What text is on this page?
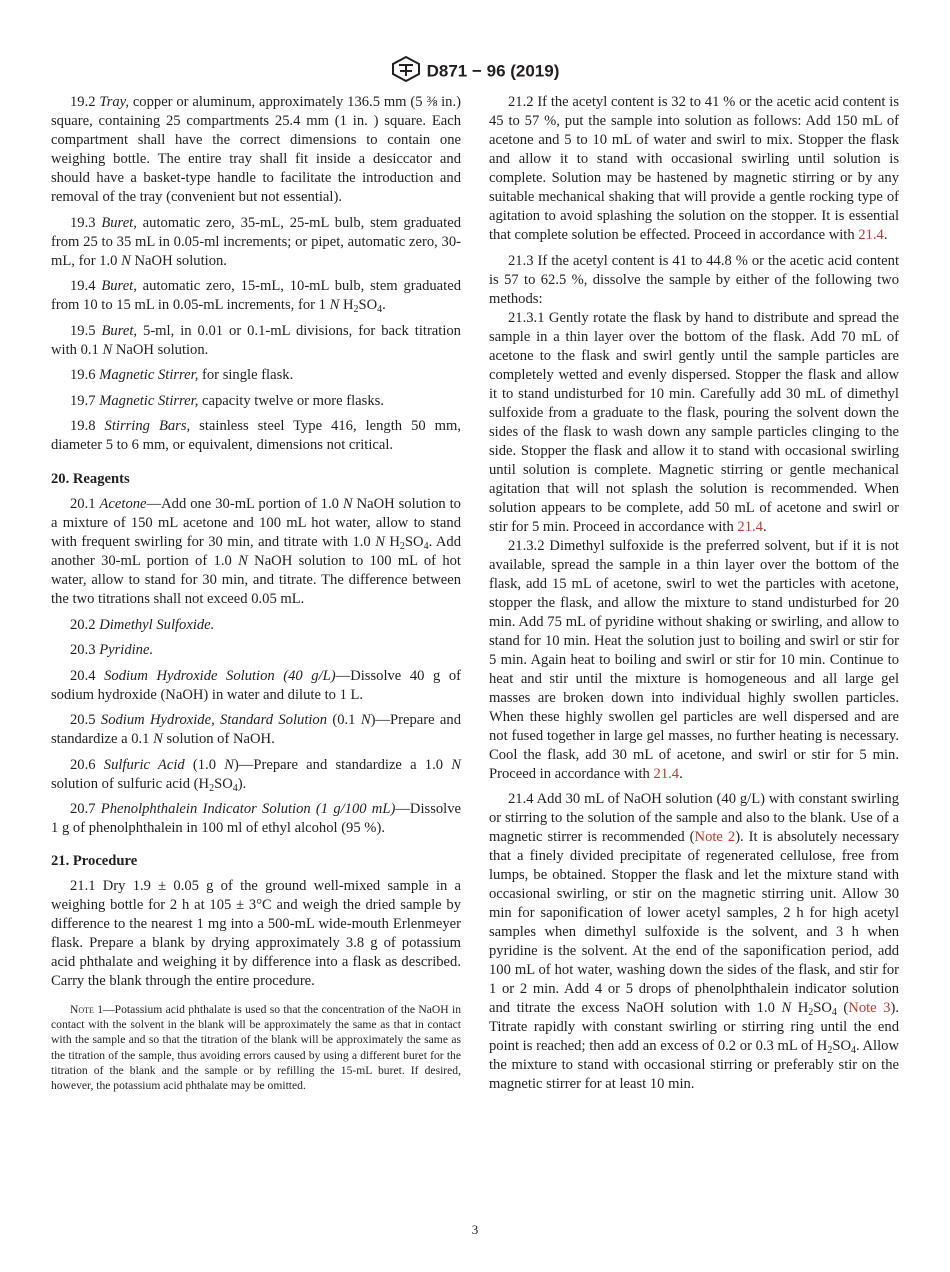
D871 − 96 (2019)

19.2 Tray, copper or aluminum, approximately 136.5 mm (5 ⅜ in.) square, containing 25 compartments 25.4 mm (1 in. ) square. Each compartment shall have the correct dimensions to contain one weighing bottle. The entire tray shall fit inside a desiccator and should have a basket-type handle to facilitate the introduction and removal of the tray (convenient but not essential).

19.3 Buret, automatic zero, 35-mL, 25-mL bulb, stem graduated from 25 to 35 mL in 0.05-ml increments; or pipet, automatic zero, 30-mL, for 1.0 N NaOH solution.

19.4 Buret, automatic zero, 15-mL, 10-mL bulb, stem graduated from 10 to 15 mL in 0.05-mL increments, for 1 N $H_2SO_4$.

19.5 Buret, 5-ml, in 0.01 or 0.1-mL divisions, for back titration with 0.1 N NaOH solution.

19.6 Magnetic Stirrer, for single flask.

19.7 Magnetic Stirrer, capacity twelve or more flasks.

19.8 Stirring Bars, stainless steel Type 416, length 50 mm, diameter 5 to 6 mm, or equivalent, dimensions not critical.

20. Reagents

20.1 Acetone—Add one 30-mL portion of 1.0 N NaOH solution to a mixture of 150 mL acetone and 100 mL hot water, allow to stand with frequent swirling for 30 min, and titrate with 1.0 N $H_2SO_4$. Add another 30-mL portion of 1.0 N NaOH solution to 100 mL of hot water, allow to stand for 30 min, and titrate. The difference between the two titrations shall not exceed 0.05 mL.

20.2 Dimethyl Sulfoxide.

20.3 Pyridine.

20.4 Sodium Hydroxide Solution (40 g/L)—Dissolve 40 g of sodium hydroxide (NaOH) in water and dilute to 1 L.

20.5 Sodium Hydroxide, Standard Solution (0.1 N)—Prepare and standardize a 0.1 N solution of NaOH.

20.6 Sulfuric Acid (1.0 N)—Prepare and standardize a 1.0 N solution of sulfuric acid $(H_2SO_4)$.

20.7 Phenolphthalein Indicator Solution (1 g/100 mL)—Dissolve 1 g of phenolphthalein in 100 ml of ethyl alcohol (95 %).

21. Procedure

21.1 Dry 1.9 ± 0.05 g of the ground well-mixed sample in a weighing bottle for 2 h at 105 ± 3°C and weigh the dried sample by difference to the nearest 1 mg into a 500-mL wide-mouth Erlenmeyer flask. Prepare a blank by drying approximately 3.8 g of potassium acid phthalate and weighing it by difference into a flask as described. Carry the blank through the entire procedure.

Note 1—Potassium acid phthalate is used so that the concentration of the NaOH in contact with the solvent in the blank will be approximately the same as that in contact with the sample and so that the titration of the blank will be approximately the same as the titration of the sample, thus avoiding errors caused by using a different buret for the titration of the blank and the sample or by refilling the 15-mL buret. If desired, however, the potassium acid phthalate may be omitted.

21.2 If the acetyl content is 32 to 41 % or the acetic acid content is 45 to 57 %, put the sample into solution as follows: Add 150 mL of acetone and 5 to 10 mL of water and swirl to mix. Stopper the flask and allow it to stand with occasional swirling until solution is complete. Solution may be hastened by magnetic stirring or by any suitable mechanical shaking that will provide a gentle rocking type of agitation to avoid splashing the solution on the stopper. It is essential that complete solution be effected. Proceed in accordance with 21.4.

21.3 If the acetyl content is 41 to 44.8 % or the acetic acid content is 57 to 62.5 %, dissolve the sample by either of the following two methods:

21.3.1 Gently rotate the flask by hand to distribute and spread the sample in a thin layer over the bottom of the flask. Add 70 mL of acetone to the flask and swirl gently until the sample particles are completely wetted and evenly dispersed. Stopper the flask and allow it to stand undisturbed for 10 min. Carefully add 30 mL of dimethyl sulfoxide from a graduate to the flask, pouring the solvent down the sides of the flask to wash down any sample particles clinging to the side. Stopper the flask and allow it to stand with occasional swirling until solution is complete. Magnetic stirring or gentle mechanical agitation that will not splash the solution is recommended. When solution appears to be complete, add 50 mL of acetone and swirl or stir for 5 min. Proceed in accordance with 21.4.

21.3.2 Dimethyl sulfoxide is the preferred solvent, but if it is not available, spread the sample in a thin layer over the bottom of the flask, add 15 mL of acetone, swirl to wet the particles with acetone, stopper the flask, and allow the mixture to stand undisturbed for 20 min. Add 75 mL of pyridine without shaking or swirling, and allow to stand for 10 min. Heat the solution just to boiling and swirl or stir for 5 min. Again heat to boiling and swirl or stir for 10 min. Continue to heat and stir until the mixture is homogeneous and all large gel masses are broken down into individual highly swollen particles. When these highly swollen gel particles are well dispersed and are not fused together in large gel masses, no further heating is necessary. Cool the flask, add 30 mL of acetone, and swirl or stir for 5 min. Proceed in accordance with 21.4.

21.4 Add 30 mL of NaOH solution (40 g/L) with constant swirling or stirring to the solution of the sample and also to the blank. Use of a magnetic stirrer is recommended (Note 2). It is absolutely necessary that a finely divided precipitate of regenerated cellulose, free from lumps, be obtained. Stopper the flask and let the mixture stand with occasional swirling, or stir on the magnetic stirring unit. Allow 30 min for saponification of lower acetyl samples, 2 h for high acetyl samples when dimethyl sulfoxide is the solvent, and 3 h when pyridine is the solvent. At the end of the saponification period, add 100 mL of hot water, washing down the sides of the flask, and stir for 1 or 2 min. Add 4 or 5 drops of phenolphthalein indicator solution and titrate the excess NaOH solution with 1.0 N $H_2SO_4$ (Note 3). Titrate rapidly with constant swirling or stirring ring until the end point is reached; then add an excess of 0.2 or 0.3 mL of $H_2SO_4$. Allow the mixture to stand with occasional stirring or preferably stir on the magnetic stirrer for at least 10 min.

3
